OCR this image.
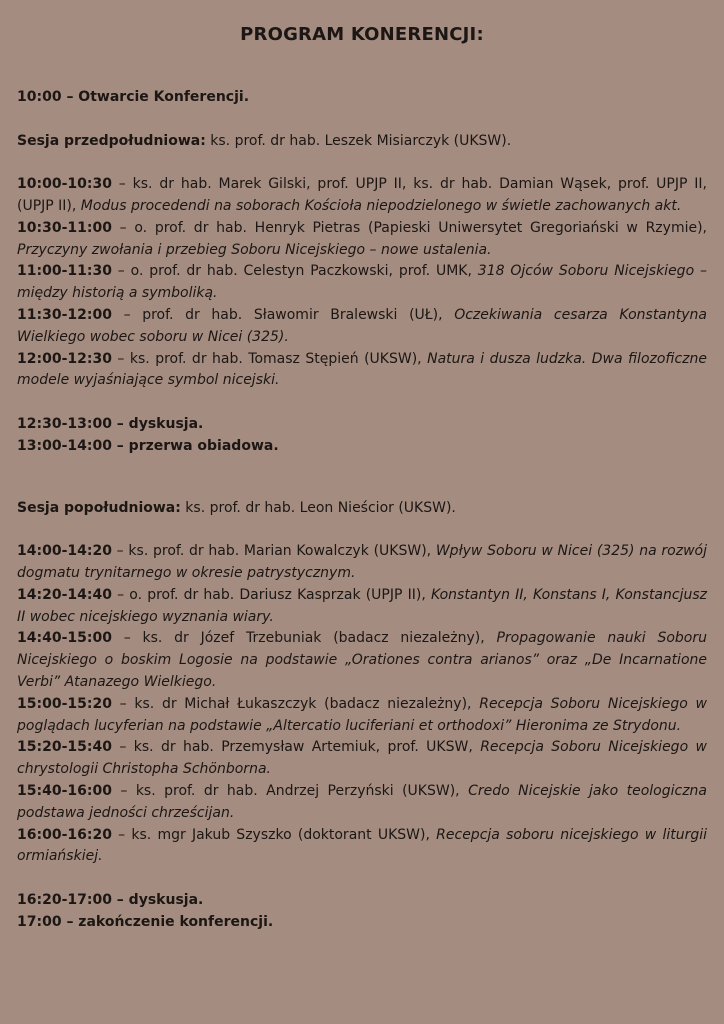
PROGRAM KONERENCJI:

10:00 – Otwarcie Konferencji.

Sesja przedpołudniowa: ks. prof. dr hab. Leszek Misiarczyk (UKSW).

10:00-10:30 – ks. dr hab. Marek Gilski, prof. UPJP II, ks. dr hab. Damian Wąsek, prof. UPJP II, (UPJP II), Modus procedendi na soborach Kościoła niepodzielonego w świetle zachowanych akt.

10:30-11:00 – o. prof. dr hab. Henryk Pietras (Papieski Uniwersytet Gregoriański w Rzymie), Przyczyny zwołania i przebieg Soboru Nicejskiego – nowe ustalenia.

11:00-11:30 – o. prof. dr hab. Celestyn Paczkowski, prof. UMK, 318 Ojców Soboru Nicejskiego – między historią a symboliką.

11:30-12:00 – prof. dr hab. Sławomir Bralewski (UŁ), Oczekiwania cesarza Konstantyna Wielkiego wobec soboru w Nicei (325).

12:00-12:30 – ks. prof. dr hab. Tomasz Stępień (UKSW), Natura i dusza ludzka. Dwa filozoficzne modele wyjaśniające symbol nicejski.

12:30-13:00 – dyskusja.

13:00-14:00 – przerwa obiadowa.

Sesja popołudniowa: ks. prof. dr hab. Leon Nieścior (UKSW).

14:00-14:20 – ks. prof. dr hab. Marian Kowalczyk (UKSW), Wpływ Soboru w Nicei (325) na rozwój dogmatu trynitarnego w okresie patrystycznym.

14:20-14:40 – o. prof. dr hab. Dariusz Kasprzak (UPJP II), Konstantyn II, Konstans I, Konstancjusz II wobec nicejskiego wyznania wiary.

14:40-15:00 – ks. dr Józef Trzebuniak (badacz niezależny), Propagowanie nauki Soboru Nicejskiego o boskim Logosie na podstawie „Orationes contra arianos” oraz „De Incarnatione Verbi” Atanazego Wielkiego.

15:00-15:20 – ks. dr Michał Łukaszczyk (badacz niezależny), Recepcja Soboru Nicejskiego w poglądach lucyferian na podstawie „Altercatio luciferiani et orthodoxi” Hieronima ze Strydonu.

15:20-15:40 – ks. dr hab. Przemysław Artemiuk, prof. UKSW, Recepcja Soboru Nicejskiego w chrystologii Christopha Schönborna.

15:40-16:00 – ks. prof. dr hab. Andrzej Perzyński (UKSW), Credo Nicejskie jako teologiczna podstawa jedności chrześcijan.

16:00-16:20 – ks. mgr Jakub Szyszko (doktorant UKSW), Recepcja soboru nicejskiego w liturgii ormiańskiej.

16:20-17:00 – dyskusja.

17:00 – zakończenie konferencji.
